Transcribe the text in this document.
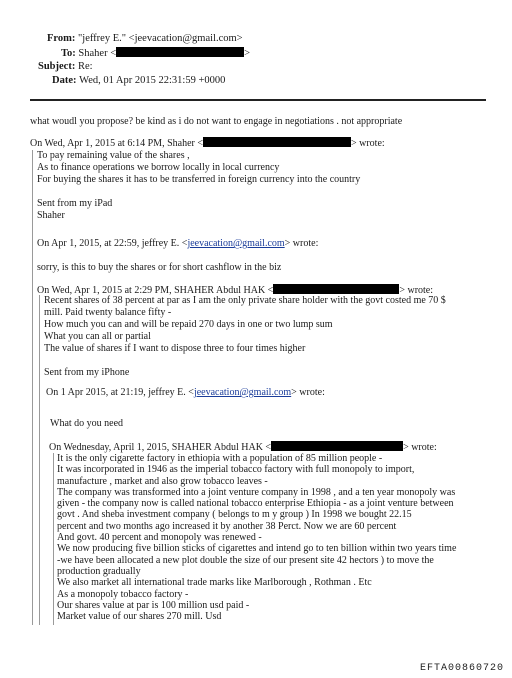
From: "jeffrey E." <jeevacation@gmail.com>
To: Shaher <	>
Subject: Re:
Date: Wed, 01 Apr 2015 22:31:59 +0000
what woudl you propose? be kind as i do not want to engage in negotiations . not appropriate
On Wed, Apr 1, 2015 at 6:14 PM, Shaher <	> wrote:
To pay remaining value of the shares ,
As to finance operations we borrow locally in local currency
For buying the shares it has to be transferred in foreign currency into the country
Sent from my iPad
Shaher
On Apr 1, 2015, at 22:59, jeffrey E. <jeevacation@gmail.com> wrote:
sorry, is this to buy the shares or for short cashflow in the biz
On Wed, Apr 1, 2015 at 2:29 PM, SHAHER Abdul HAK <	> wrote:
Recent shares of 38 percent at par as I am the only private share holder with the govt costed me 70 $
mill. Paid twenty balance fifty -
How much you can and will be repaid 270 days in one or two lump sum
What you can all or partial
The value of shares if I want to dispose three to four times higher
Sent from my iPhone
On 1 Apr 2015, at 21:19, jeffrey E. <jeevacation@gmail.com> wrote:
What do you need
On Wednesday, April 1, 2015, SHAHER Abdul HAK <	> wrote:
It is the only cigarette factory in ethiopia with a population of 85 million people -
It was incorporated in 1946 as the imperial tobacco factory with full monopoly to import,
manufacture , market and also grow tobacco leaves -
The company was transformed into a joint venture company in 1998 , and a ten year monopoly was
given - the company now is called national tobacco enterprise Ethiopia - as a joint venture between
govt . And sheba investment company ( belongs to m y group ) In 1998 we bought 22.15
percent and two months ago increased it by another 38 Perct. Now we are 60 percent
And govt. 40 percent and monopoly was renewed -
We now producing five billion sticks of cigarettes and intend go to ten billion within two years time
-we have been allocated a new plot double the size of our present site 42 hectors ) to move the
production gradually
We also market all international trade marks like Marlborough , Rothman . Etc
As a monopoly tobacco factory -
Our shares value at par is 100 million usd paid -
Market value of our shares 270 mill. Usd
EFTA00860720
